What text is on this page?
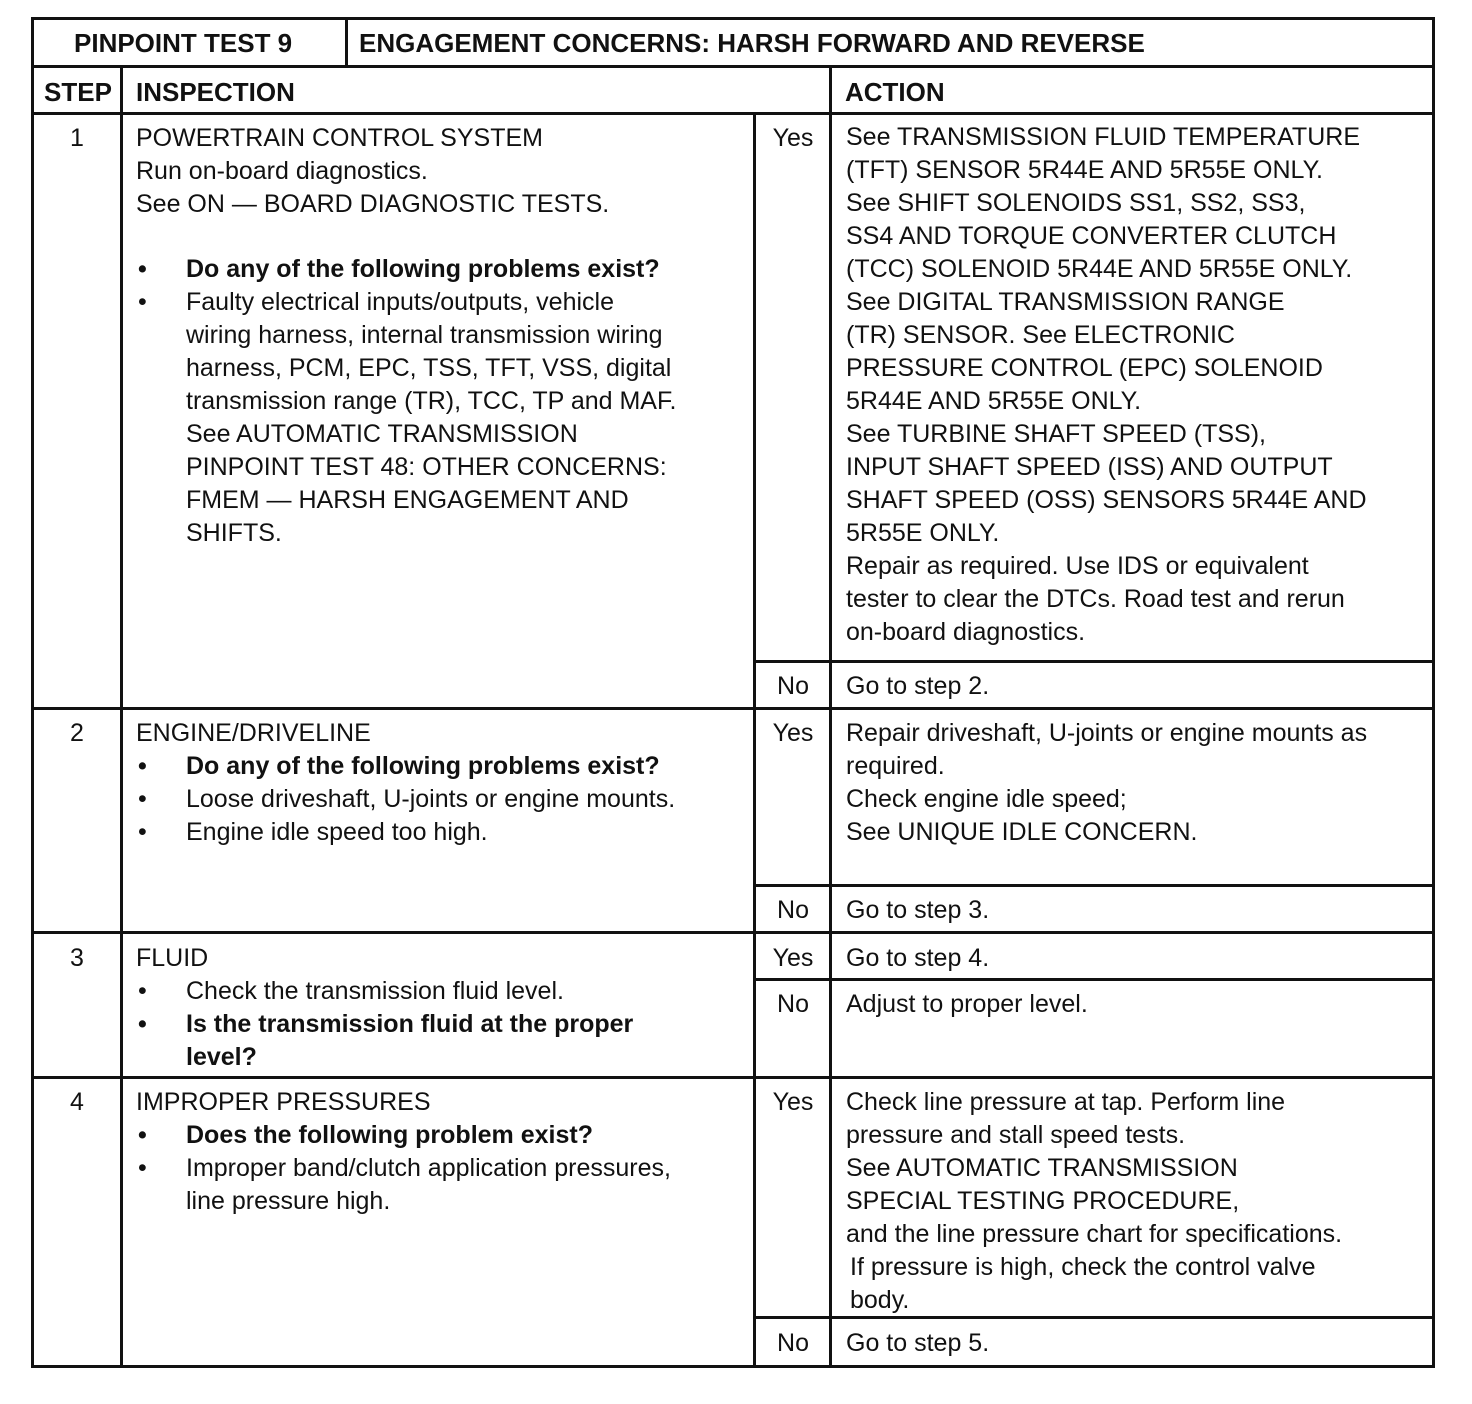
PINPOINT TEST 9	ENGAGEMENT CONCERNS: HARSH FORWARD AND REVERSE
STEP INSPECTION	ACTION
1	POWERTRAIN CONTROL SYSTEM
Run on-board diagnostics.
See ON — BOARD DIAGNOSTIC TESTS.
• Do any of the following problems exist?
• Faulty electrical inputs/outputs, vehicle
wiring harness, internal transmission wiring
harness, PCM, EPC, TSS, TFT, VSS, digital
transmission range (TR), TCC, TP and MAF.
See AUTOMATIC TRANSMISSION
PINPOINT TEST 48: OTHER CONCERNS:
FMEM — HARSH ENGAGEMENT AND
SHIFTS.
Yes	See TRANSMISSION FLUID TEMPERATURE
(TFT) SENSOR 5R44E AND 5R55E ONLY.
See SHIFT SOLENOIDS SS1, SS2, SS3,
SS4 AND TORQUE CONVERTER CLUTCH
(TCC) SOLENOID 5R44E AND 5R55E ONLY.
See DIGITAL TRANSMISSION RANGE
(TR) SENSOR. See ELECTRONIC
PRESSURE CONTROL (EPC) SOLENOID
5R44E AND 5R55E ONLY.
See TURBINE SHAFT SPEED (TSS),
INPUT SHAFT SPEED (ISS) AND OUTPUT
SHAFT SPEED (OSS) SENSORS 5R44E AND
5R55E ONLY.
Repair as required. Use IDS or equivalent
tester to clear the DTCs. Road test and rerun
on-board diagnostics.
No	Go to step 2.
2	ENGINE/DRIVELINE
• Do any of the following problems exist?
• Loose driveshaft, U-joints or engine mounts.
• Engine idle speed too high.
Yes	Repair driveshaft, U-joints or engine mounts as
required.
Check engine idle speed;
See UNIQUE IDLE CONCERN.
No	Go to step 3.
3	FLUID
• Check the transmission fluid level.
• Is the transmission fluid at the proper
level?
Yes	Go to step 4.
No	Adjust to proper level.
4	IMPROPER PRESSURES
• Does the following problem exist?
• Improper band/clutch application pressures,
line pressure high.
Yes	Check line pressure at tap. Perform line
pressure and stall speed tests.
See AUTOMATIC TRANSMISSION
SPECIAL TESTING PROCEDURE,
and the line pressure chart for specifications.
If pressure is high, check the control valve
body.
No	Go to step 5.
